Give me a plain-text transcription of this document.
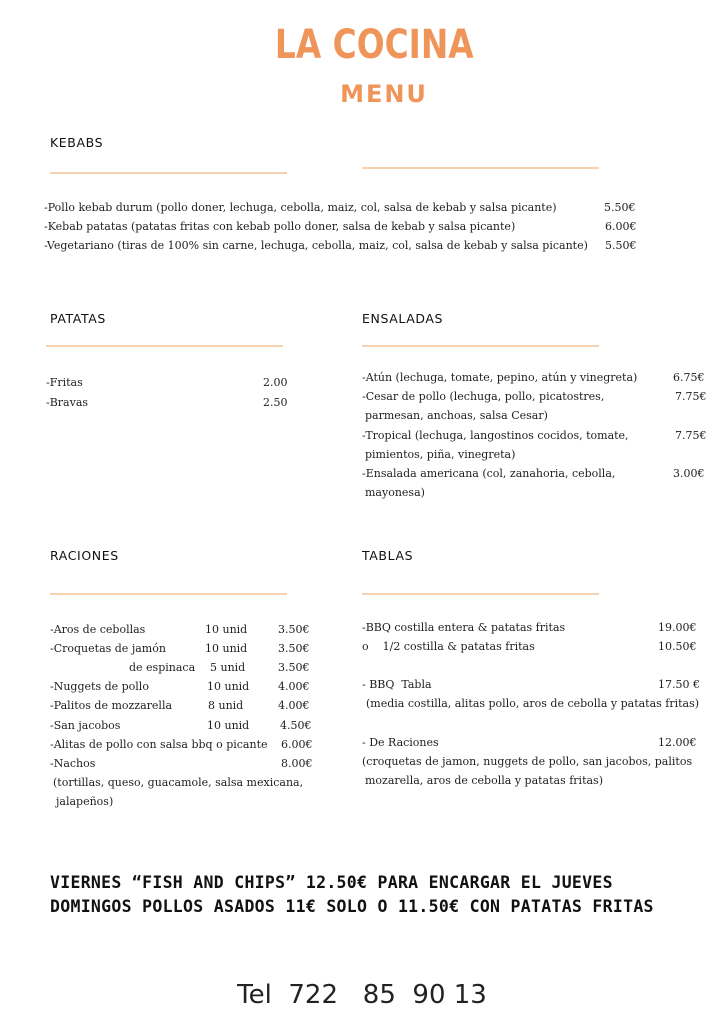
LA COCINA
MENU
KEBABS
-Pollo kebab durum (pollo doner, lechuga, cebolla, maiz, col, salsa de kebab y salsa picante)	5.50€
-Kebab patatas (patatas fritas con kebab pollo doner, salsa de kebab y salsa picante)	6.00€
-Vegetariano (tiras de 100% sin carne, lechuga, cebolla, maiz, col, salsa de kebab y salsa picante) 5.50€
PATATAS
-Fritas	2.00
-Bravas	2.50
ENSALADAS
-Atún (lechuga, tomate, pepino, atún y vinegreta)	6.75€
-Cesar de pollo (lechuga, pollo, picatostres,	7.75€
parmesan, anchoas, salsa Cesar)
-Tropical (lechuga, langostinos cocidos, tomate,	7.75€
pimientos, piña, vinegreta)
-Ensalada americana (col, zanahoria, cebolla,	3.00€
mayonesa)
RACIONES
-Aros de cebollas	10 unid	3.50€
-Croquetas de jamón	10 unid	3.50€
de espinaca 5 unid	3.50€
-Nuggets de pollo	10 unid	4.00€
-Palitos de mozzarella	8 unid	4.00€
-San jacobos	10 unid	4.50€
-Alitas de pollo con salsa bbq o picante 6.00€
-Nachos	8.00€
(tortillas, queso, guacamole, salsa mexicana,
jalapeños)
TABLAS
-BBQ costilla entera & patatas fritas	19.00€
o    1/2 costilla & patatas fritas	10.50€
- BBQ  Tabla	17.50 €
(media costilla, alitas pollo, aros de cebolla y patatas fritas)
- De Raciones	12.00€
(croquetas de jamon, nuggets de pollo, san jacobos, palitos
mozarella, aros de cebolla y patatas fritas)
VIERNES “FISH AND CHIPS” 12.50€ PARA ENCARGAR EL JUEVES
DOMINGOS POLLOS ASADOS 11€ SOLO O 11.50€ CON PATATAS FRITAS
Tel  722   85  90 13
